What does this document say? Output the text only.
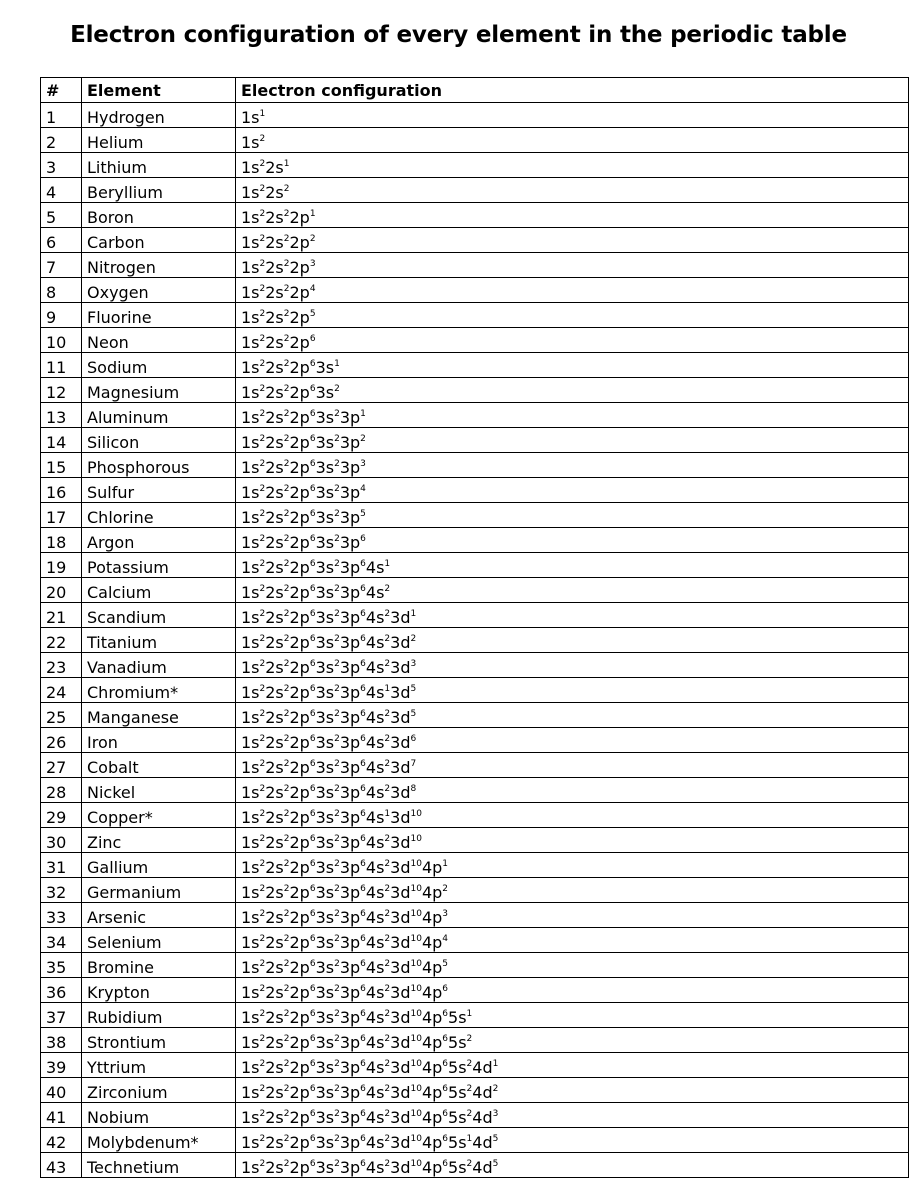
Electron configuration of every element in the periodic table
#	Element	Electron configuration
1	Hydrogen	$1s^1$
2	Helium	$1s^2$
3	Lithium	$1s^22s^1$
4	Beryllium	$1s^22s^2$
5	Boron	$1s^22s^22p^1$
6	Carbon	$1s^22s^22p^2$
7	Nitrogen	$1s^22s^22p^3$
8	Oxygen	$1s^22s^22p^4$
9	Fluorine	$1s^22s^22p^5$
10	Neon	$1s^22s^22p^6$
11	Sodium	$1s^22s^22p^63s^1$
12	Magnesium	$1s^22s^22p^63s^2$
13	Aluminum	$1s^22s^22p^63s^23p^1$
14	Silicon	$1s^22s^22p^63s^23p^2$
15	Phosphorous	$1s^22s^22p^63s^23p^3$
16	Sulfur	$1s^22s^22p^63s^23p^4$
17	Chlorine	$1s^22s^22p^63s^23p^5$
18	Argon	$1s^22s^22p^63s^23p^6$
19	Potassium	$1s^22s^22p^63s^23p^64s^1$
20	Calcium	$1s^22s^22p^63s^23p^64s^2$
21	Scandium	$1s^22s^22p^63s^23p^64s^23d^1$
22	Titanium	$1s^22s^22p^63s^23p^64s^23d^2$
23	Vanadium	$1s^22s^22p^63s^23p^64s^23d^3$
24	Chromium*	$1s^22s^22p^63s^23p^64s^13d^5$
25	Manganese	$1s^22s^22p^63s^23p^64s^23d^5$
26	Iron	$1s^22s^22p^63s^23p^64s^23d^6$
27	Cobalt	$1s^22s^22p^63s^23p^64s^23d^7$
28	Nickel	$1s^22s^22p^63s^23p^64s^23d^8$
29	Copper*	$1s^22s^22p^63s^23p^64s^13d^{10}$
30	Zinc	$1s^22s^22p^63s^23p^64s^23d^{10}$
31	Gallium	$1s^22s^22p^63s^23p^64s^23d^{10}4p^1$
32	Germanium	$1s^22s^22p^63s^23p^64s^23d^{10}4p^2$
33	Arsenic	$1s^22s^22p^63s^23p^64s^23d^{10}4p^3$
34	Selenium	$1s^22s^22p^63s^23p^64s^23d^{10}4p^4$
35	Bromine	$1s^22s^22p^63s^23p^64s^23d^{10}4p^5$
36	Krypton	$1s^22s^22p^63s^23p^64s^23d^{10}4p^6$
37	Rubidium	$1s^22s^22p^63s^23p^64s^23d^{10}4p^65s^1$
38	Strontium	$1s^22s^22p^63s^23p^64s^23d^{10}4p^65s^2$
39	Yttrium	$1s^22s^22p^63s^23p^64s^23d^{10}4p^65s^24d^1$
40	Zirconium	$1s^22s^22p^63s^23p^64s^23d^{10}4p^65s^24d^2$
41	Nobium	$1s^22s^22p^63s^23p^64s^23d^{10}4p^65s^24d^3$
42	Molybdenum*	$1s^22s^22p^63s^23p^64s^23d^{10}4p^65s^14d^5$
43	Technetium	$1s^22s^22p^63s^23p^64s^23d^{10}4p^65s^24d^5$
